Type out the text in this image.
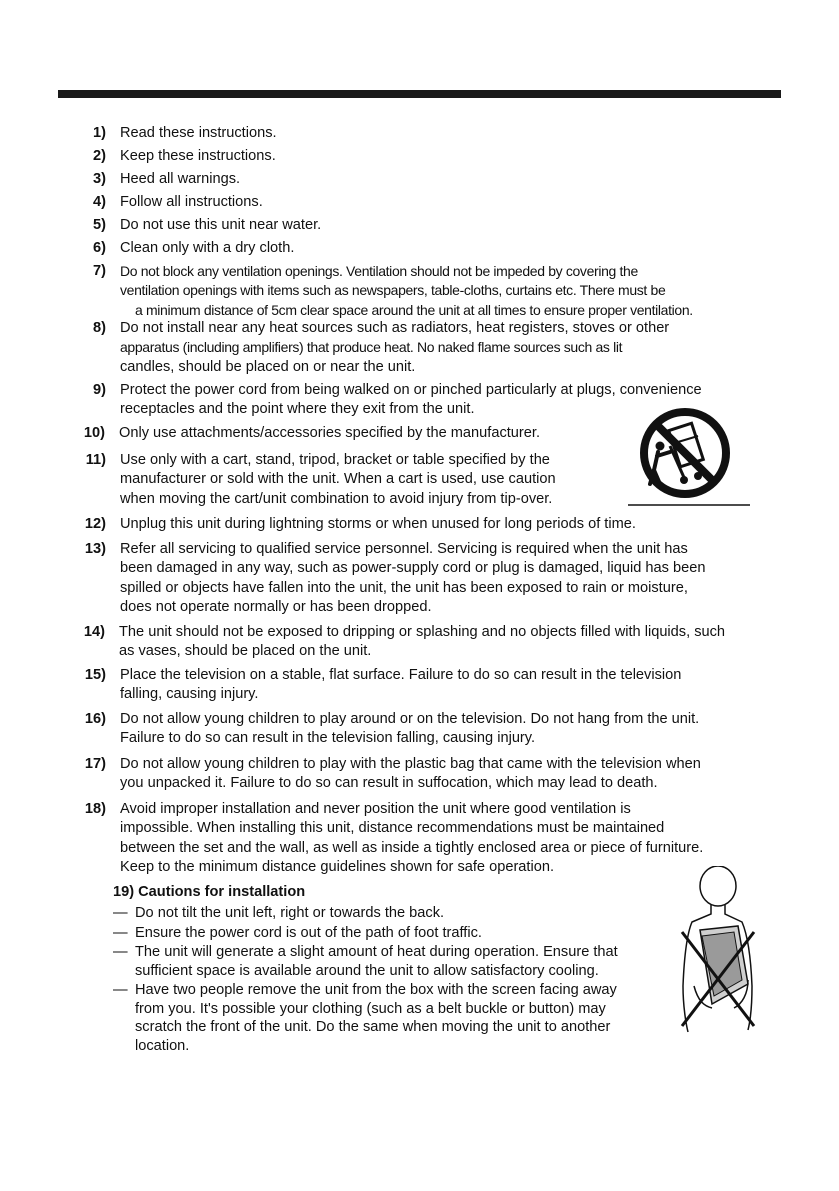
1) Read these instructions.
2) Keep these instructions.
3) Heed all warnings.
4) Follow all instructions.
5) Do not use this unit near water.
6) Clean only with a dry cloth.
7) Do not block any ventilation openings. Ventilation should not be impeded by covering the
ventilation openings with items such as newspapers, table-cloths, curtains etc. There must be
a minimum distance of 5cm clear space around the unit at all times to ensure proper ventilation.
8) Do not install near any heat sources such as radiators, heat registers, stoves or other
apparatus (including amplifiers) that produce heat. No naked flame sources such as lit
candles, should be placed on or near the unit.
9) Protect the power cord from being walked on or pinched particularly at plugs, convenience
receptacles and the point where they exit from the unit.
10) Only use attachments/accessories specified by the manufacturer.
11) Use only with a cart, stand, tripod, bracket or table specified by the
manufacturer or sold with the unit. When a cart is used, use caution
when moving the cart/unit combination to avoid injury from tip-over.
12) Unplug this unit during lightning storms or when unused for long periods of time.
13) Refer all servicing to qualified service personnel. Servicing is required when the unit has
been damaged in any way, such as power-supply cord or plug is damaged, liquid has been
spilled or objects have fallen into the unit, the unit has been exposed to rain or moisture,
does not operate normally or has been dropped.
14) The unit should not be exposed to dripping or splashing and no objects filled with liquids, such
as vases, should be placed on the unit.
15) Place the television on a stable, flat surface. Failure to do so can result in the television
falling, causing injury.
16) Do not allow young children to play around or on the television. Do not hang from the unit.
Failure to do so can result in the television falling, causing injury.
17) Do not allow young children to play with the plastic bag that came with the television when
you unpacked it. Failure to do so can result in suffocation, which may lead to death.
18) Avoid improper installation and never position the unit where good ventilation is
impossible. When installing this unit, distance recommendations must be maintained
between the set and the wall, as well as inside a tightly enclosed area or piece of furniture.
Keep to the minimum distance guidelines shown for safe operation.
19) Cautions for installation
— Do not tilt the unit left, right or towards the back.
— Ensure the power cord is out of the path of foot traffic.
— The unit will generate a slight amount of heat during operation. Ensure that
sufficient space is available around the unit to allow satisfactory cooling.
— Have two people remove the unit from the box with the screen facing away
from you. It's possible your clothing (such as a belt buckle or button) may
scratch the front of the unit. Do the same when moving the unit to another
location.
